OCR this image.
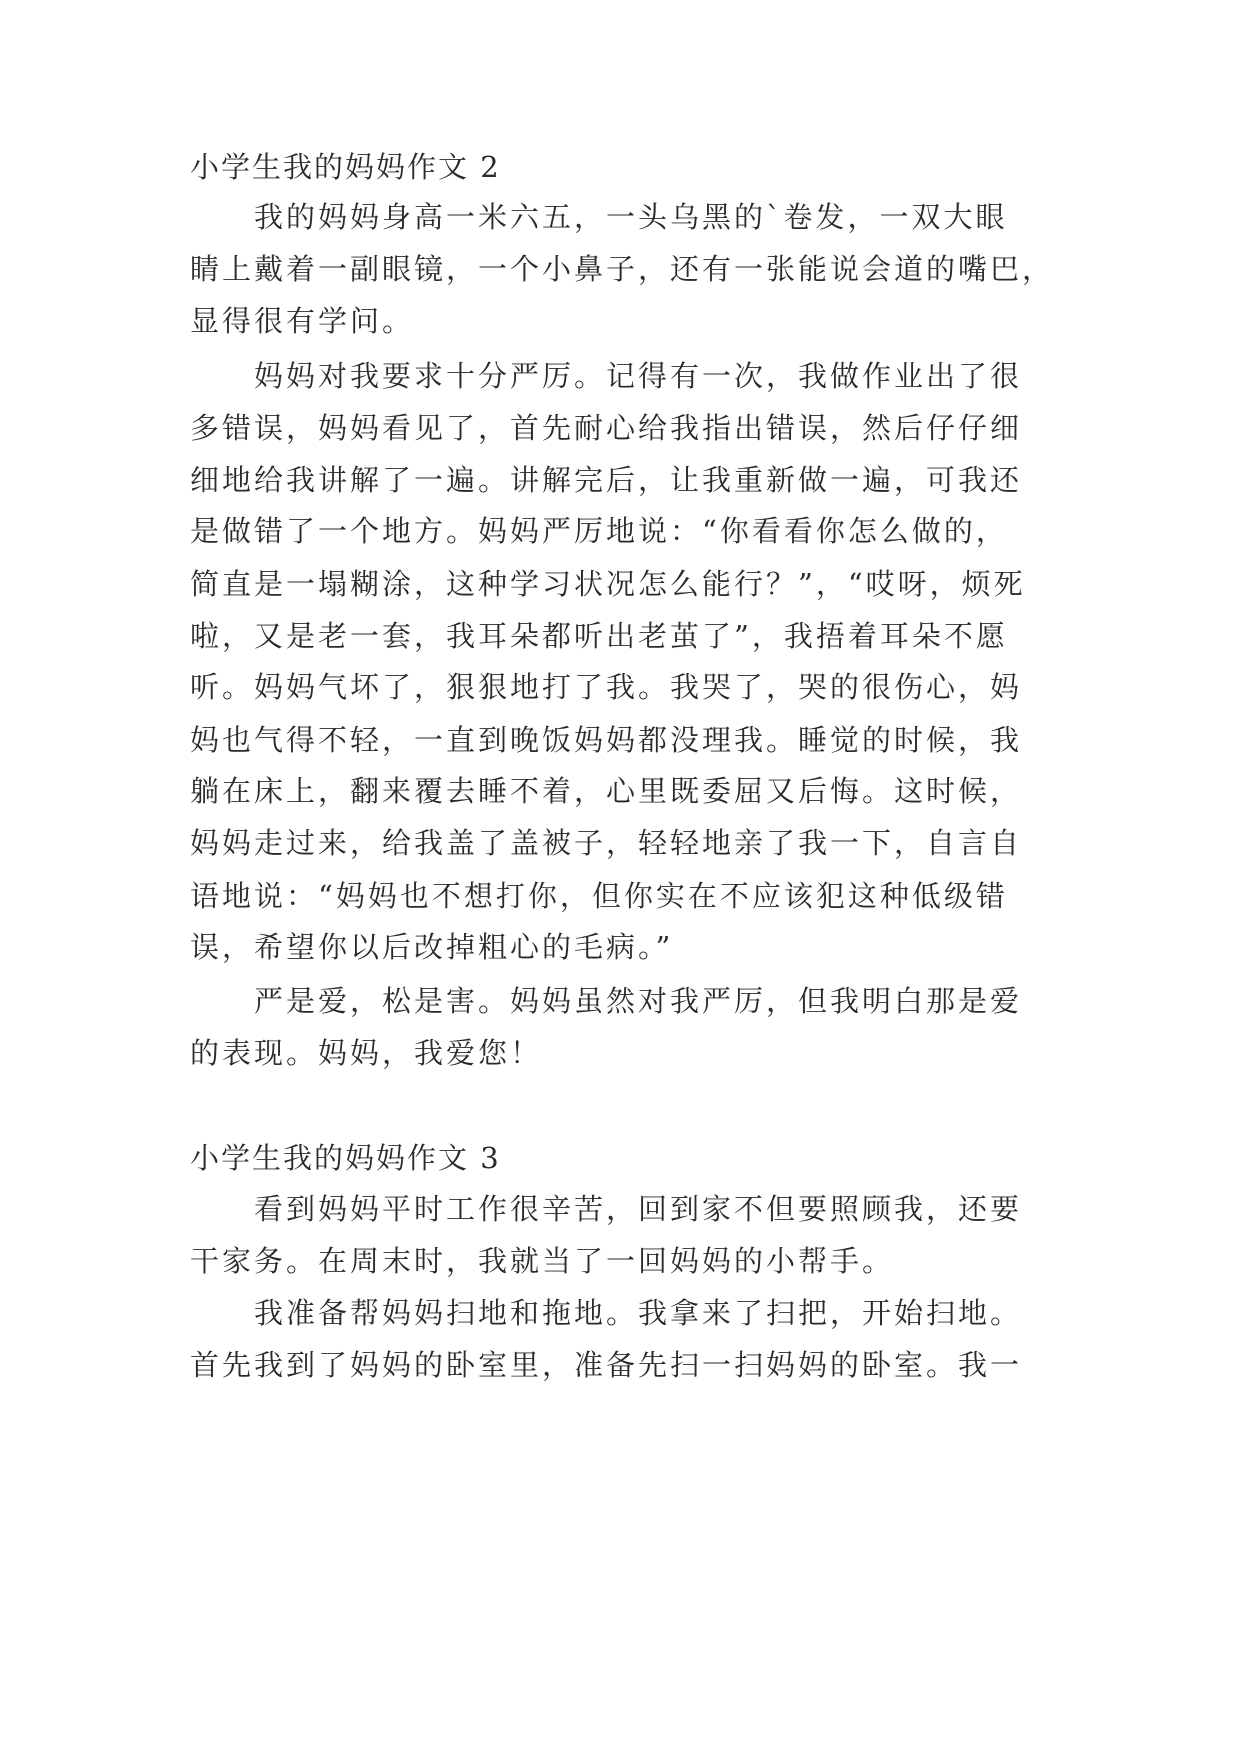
小学生我的妈妈作文 2
我的妈妈身高一米六五，一头乌黑的`卷发，一双大眼
睛上戴着一副眼镜，一个小鼻子，还有一张能说会道的嘴巴，
显得很有学问。
妈妈对我要求十分严厉。记得有一次，我做作业出了很
多错误，妈妈看见了，首先耐心给我指出错误，然后仔仔细
细地给我讲解了一遍。讲解完后，让我重新做一遍，可我还
是做错了一个地方。妈妈严厉地说：“你看看你怎么做的，
简直是一塌糊涂，这种学习状况怎么能行？”，“哎呀，烦死
啦，又是老一套，我耳朵都听出老茧了”，我捂着耳朵不愿
听。妈妈气坏了，狠狠地打了我。我哭了，哭的很伤心，妈
妈也气得不轻，一直到晚饭妈妈都没理我。睡觉的时候，我
躺在床上，翻来覆去睡不着，心里既委屈又后悔。这时候，
妈妈走过来，给我盖了盖被子，轻轻地亲了我一下，自言自
语地说：“妈妈也不想打你，但你实在不应该犯这种低级错
误，希望你以后改掉粗心的毛病。”
严是爱，松是害。妈妈虽然对我严厉，但我明白那是爱
的表现。妈妈，我爱您！
小学生我的妈妈作文 3
看到妈妈平时工作很辛苦，回到家不但要照顾我，还要
干家务。在周末时，我就当了一回妈妈的小帮手。
我准备帮妈妈扫地和拖地。我拿来了扫把，开始扫地。
首先我到了妈妈的卧室里，准备先扫一扫妈妈的卧室。我一
